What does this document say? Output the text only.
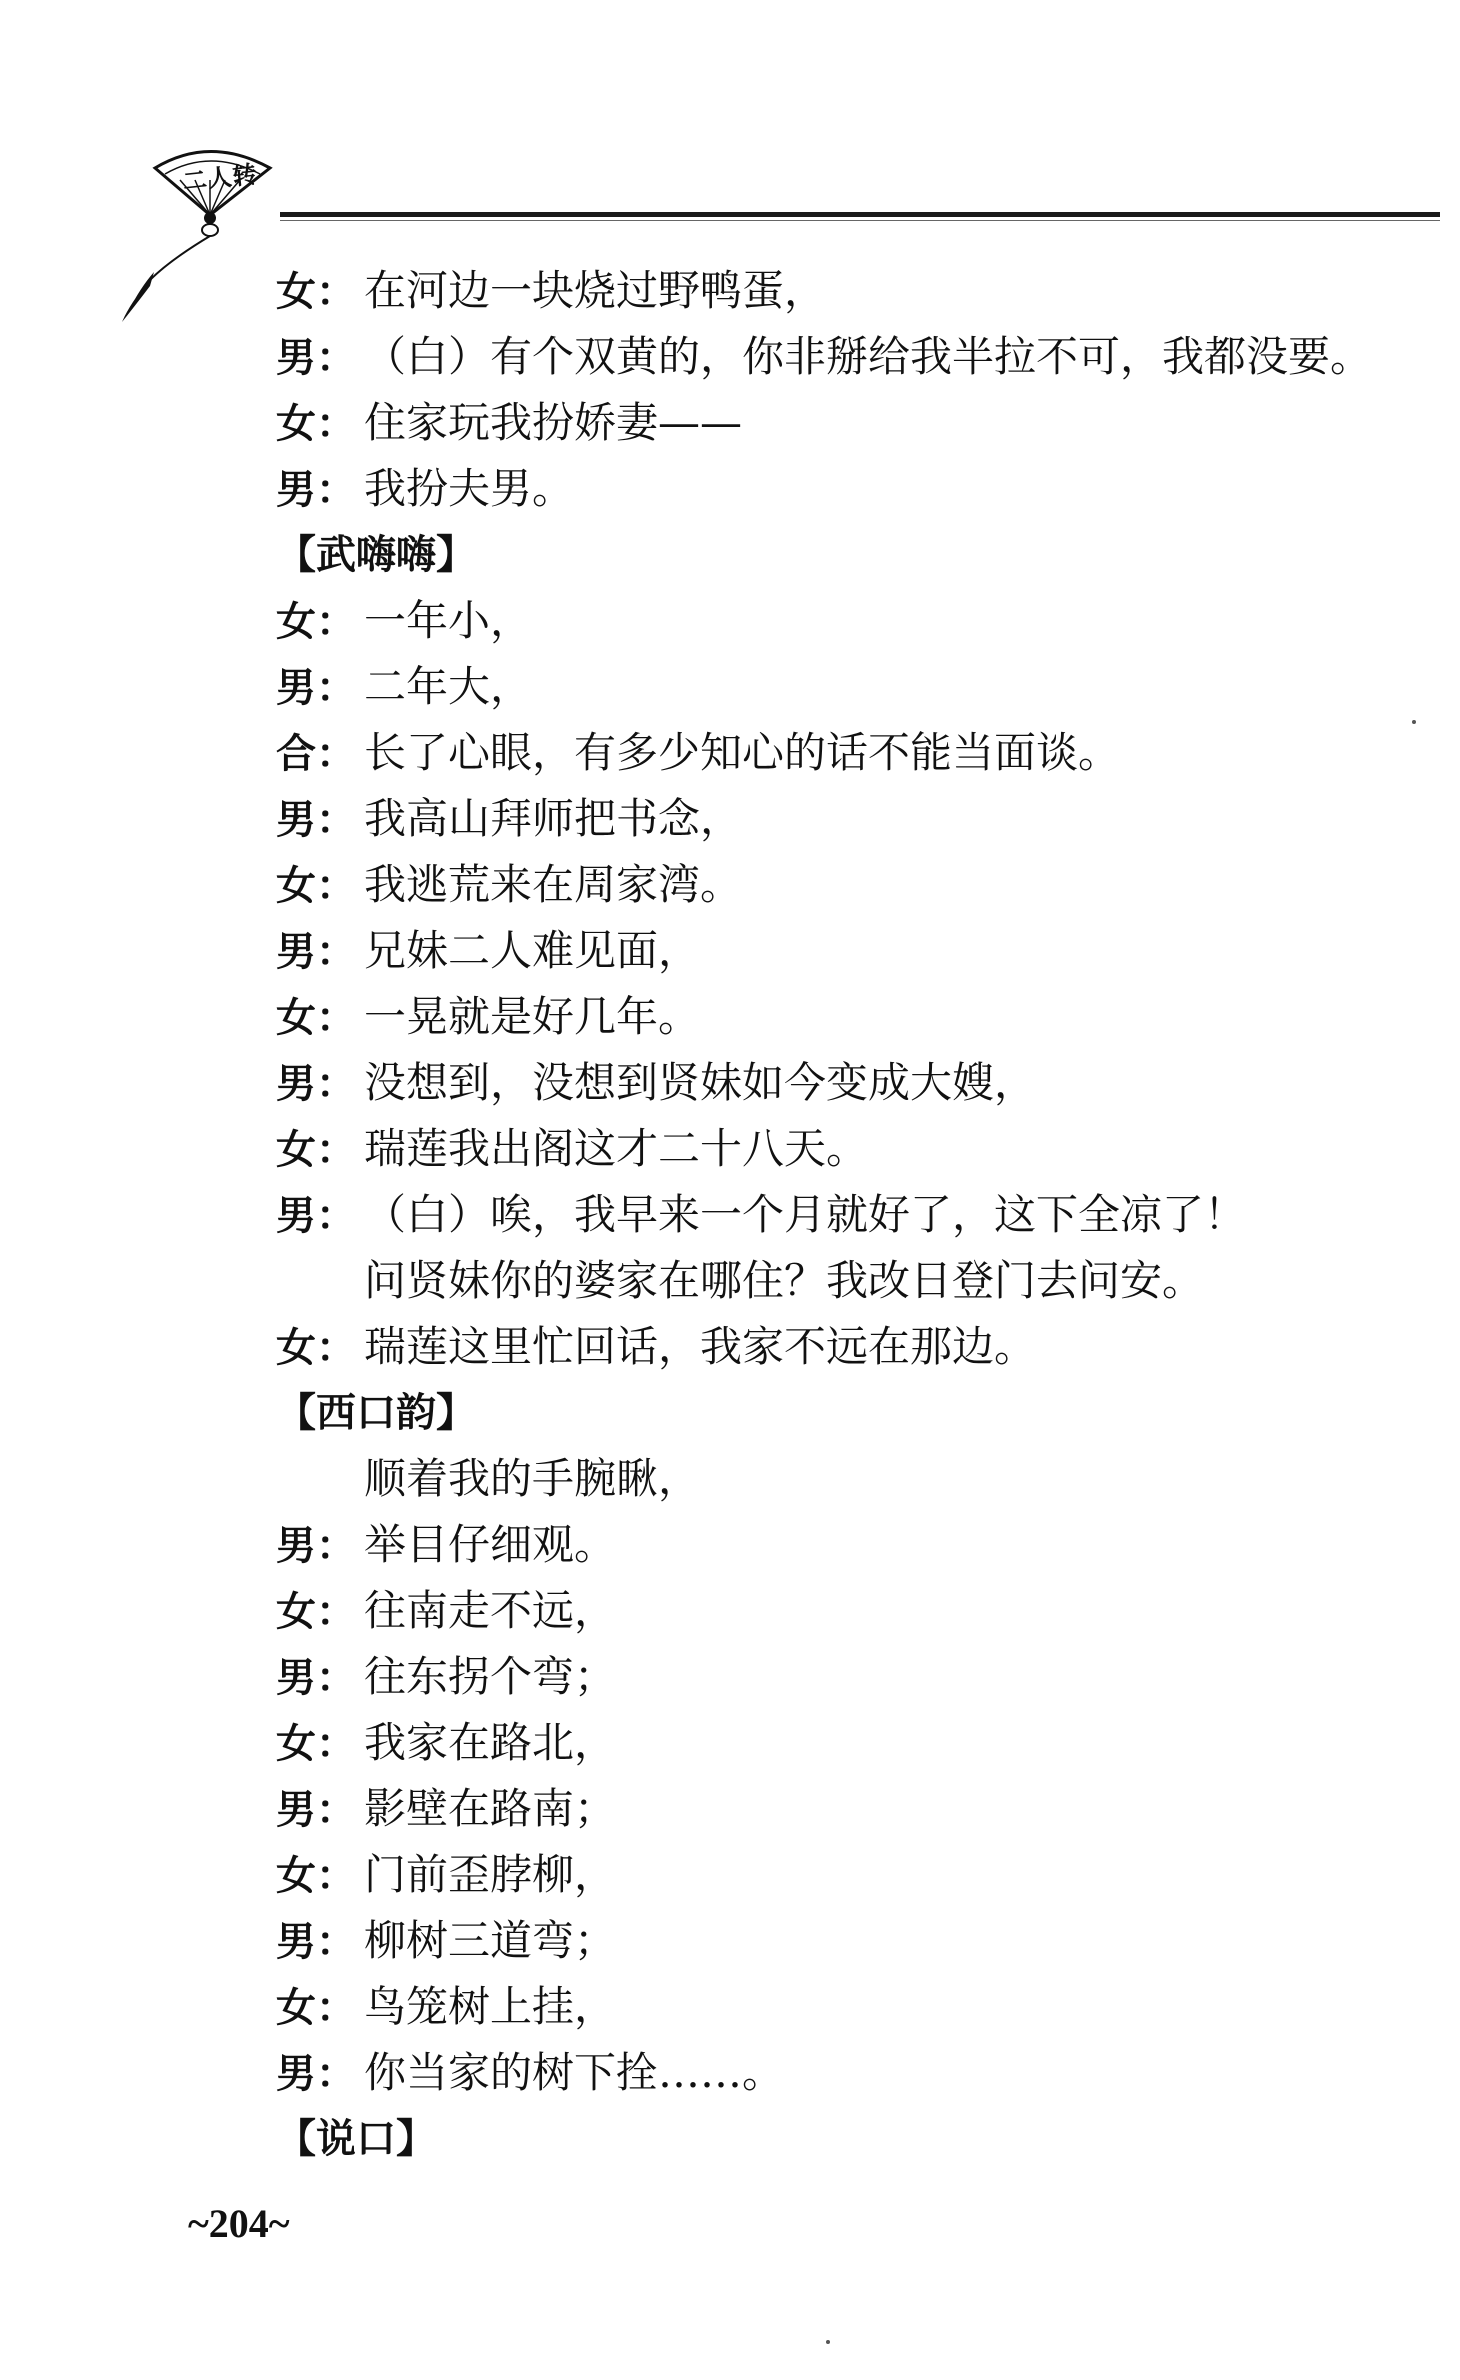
二人转
女： 在河边一块烧过野鸭蛋，
男： （白）有个双黄的，你非掰给我半拉不可，我都没要。
女： 住家玩我扮娇妻——
男： 我扮夫男。
【武嗨嗨】
女： 一年小，
男： 二年大，
合： 长了心眼，有多少知心的话不能当面谈。
男： 我高山拜师把书念，
女： 我逃荒来在周家湾。
男： 兄妹二人难见面，
女： 一晃就是好几年。
男： 没想到，没想到贤妹如今变成大嫂，
女： 瑞莲我出阁这才二十八天。
男： （白）唉，我早来一个月就好了，这下全凉了！
问贤妹你的婆家在哪住？我改日登门去问安。
女： 瑞莲这里忙回话，我家不远在那边。
【西口韵】
顺着我的手腕瞅，
男： 举目仔细观。
女： 往南走不远，
男： 往东拐个弯；
女： 我家在路北，
男： 影壁在路南；
女： 门前歪脖柳，
男： 柳树三道弯；
女： 鸟笼树上挂，
男： 你当家的树下拴……。
【说口】
~204~
